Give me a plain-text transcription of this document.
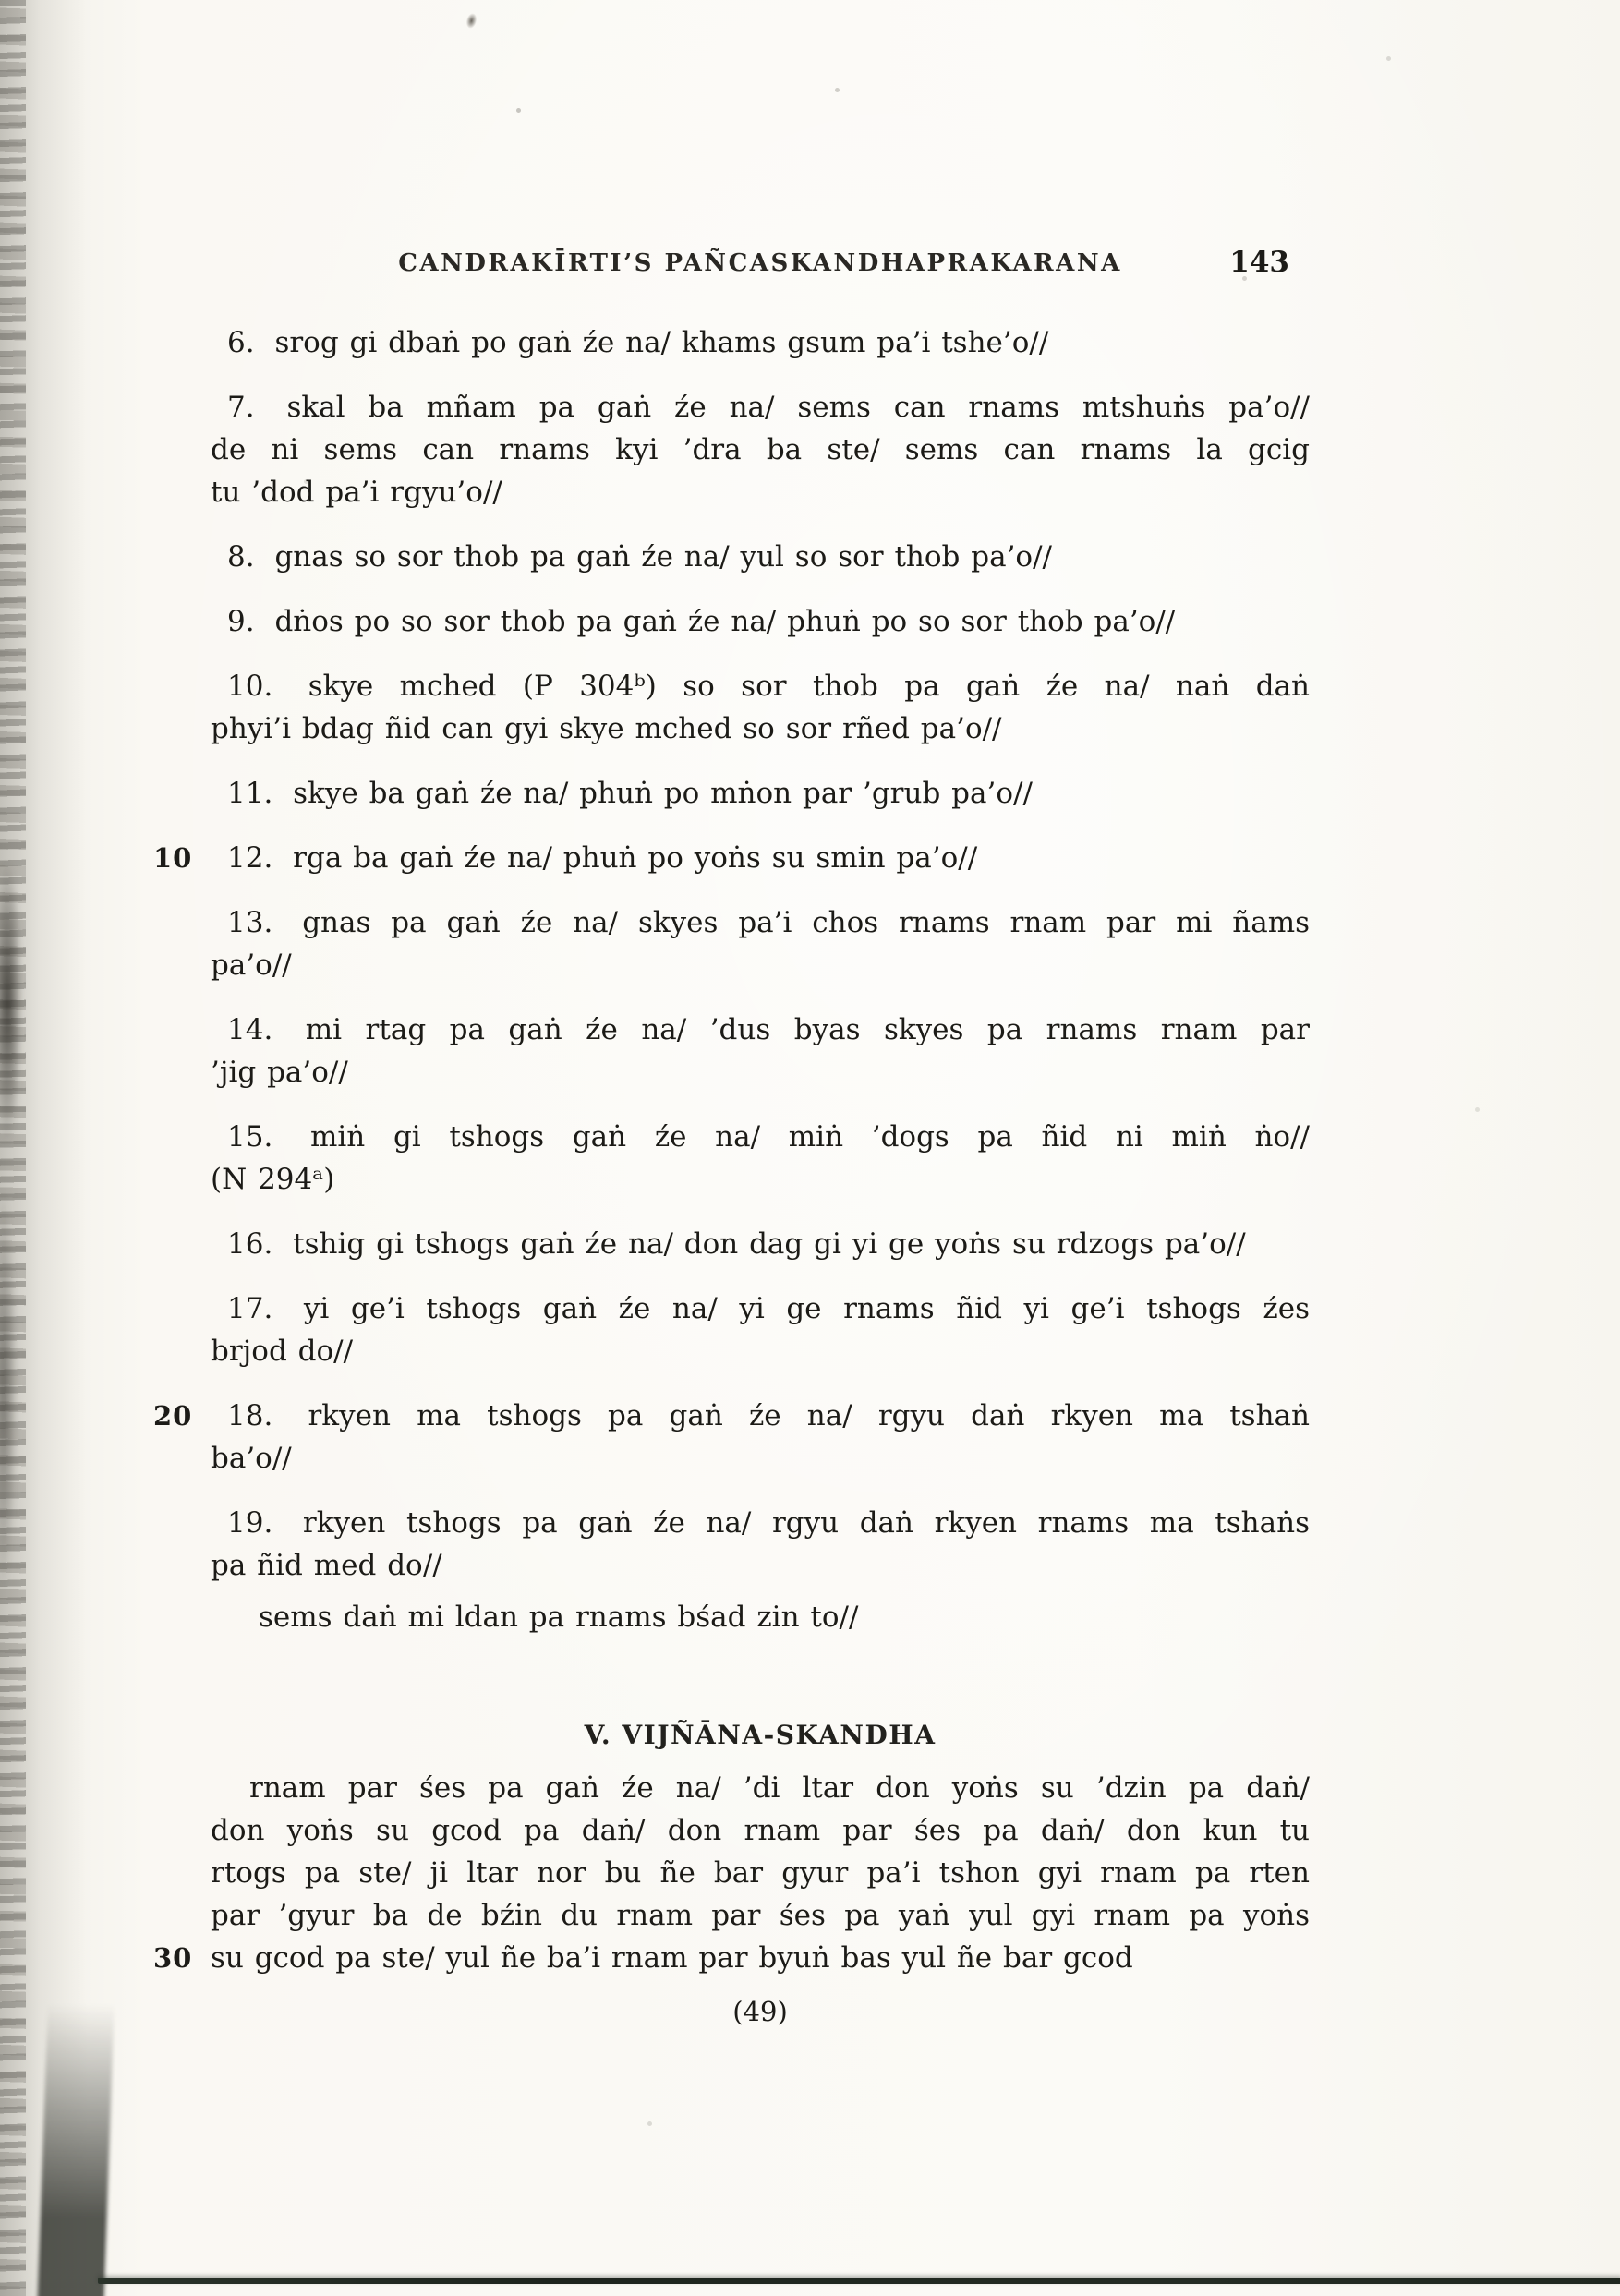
CANDRAKĪRTI’S PAÑCASKANDHAPRAKARANA	143

6. srog gi dbaṅ po gaṅ źe na/ khams gsum pa’i tshe’o//

7. skal ba mñam pa gaṅ źe na/ sems can rnams mtshuṅs pa’o//
de ni sems can rnams kyi ’dra ba ste/ sems can rnams la gcig
tu ’dod pa’i rgyu’o//

8. gnas so sor thob pa gaṅ źe na/ yul so sor thob pa’o//

9. dṅos po so sor thob pa gaṅ źe na/ phuṅ po so sor thob pa’o//

10. skye mched (P 304ᵇ) so sor thob pa gaṅ źe na/ naṅ daṅ
phyi’i bdag ñid can gyi skye mched so sor rñed pa’o//

11. skye ba gaṅ źe na/ phuṅ po mṅon par ’grub pa’o//

10 12. rga ba gaṅ źe na/ phuṅ po yoṅs su smin pa’o//

13. gnas pa gaṅ źe na/ skyes pa’i chos rnams rnam par mi ñams
pa’o//

14. mi rtag pa gaṅ źe na/ ’dus byas skyes pa rnams rnam par
’jig pa’o//

15. miṅ gi tshogs gaṅ źe na/ miṅ ’dogs pa ñid ni miṅ ṅo//
(N 294ᵃ)

16. tshig gi tshogs gaṅ źe na/ don dag gi yi ge yoṅs su rdzogs pa’o//

17. yi ge’i tshogs gaṅ źe na/ yi ge rnams ñid yi ge’i tshogs źes
brjod do//

20 18. rkyen ma tshogs pa gaṅ źe na/ rgyu daṅ rkyen ma tshaṅ
ba’o//

19. rkyen tshogs pa gaṅ źe na/ rgyu daṅ rkyen rnams ma tshaṅs
pa ñid med do//

sems daṅ mi ldan pa rnams bśad zin to//

V. VIJÑĀNA-SKANDHA

rnam par śes pa gaṅ źe na/ ’di ltar don yoṅs su ’dzin pa daṅ/
don yoṅs su gcod pa daṅ/ don rnam par śes pa daṅ/ don kun tu
rtogs pa ste/ ji ltar nor bu ñe bar gyur pa’i tshon gyi rnam pa rten
par ’gyur ba de bźin du rnam par śes pa yaṅ yul gyi rnam pa yoṅs
30 su gcod pa ste/ yul ñe ba’i rnam par byuṅ bas yul ñe bar gcod

(49)
